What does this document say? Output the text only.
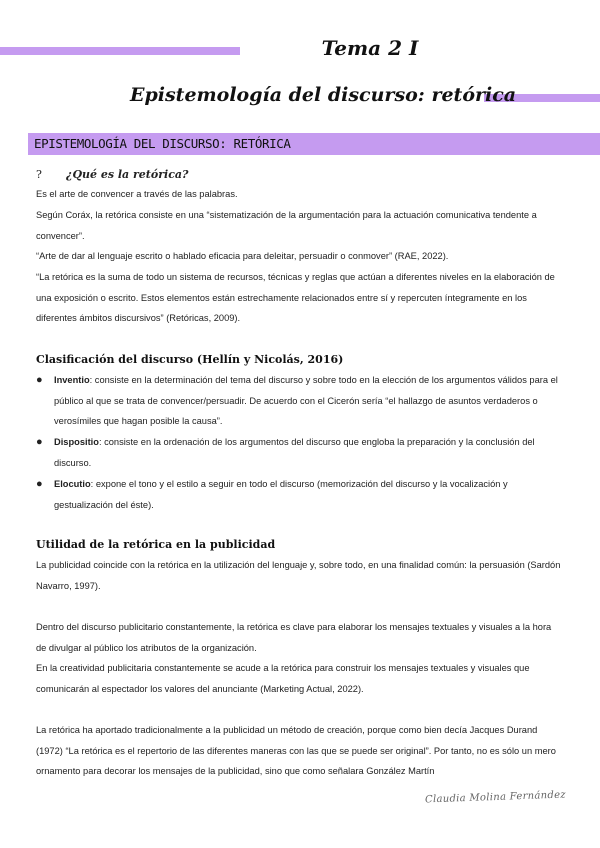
Tema 2 I
Epistemología del discurso: retórica
EPISTEMOLOGÍA DEL DISCURSO: RETÓRICA
? ¿Qué es la retórica?
Es el arte de convencer a través de las palabras.
Según Coráx, la retórica consiste en una “sistematización de la argumentación para la actuación comunicativa tendente a convencer”.
“Arte de dar al lenguaje escrito o hablado eficacia para deleitar, persuadir o conmover” (RAE, 2022).
“La retórica es la suma de todo un sistema de recursos, técnicas y reglas que actúan a diferentes niveles en la elaboración de una exposición o escrito. Estos elementos están estrechamente relacionados entre sí y repercuten íntegramente en los diferentes ámbitos discursivos” (Retóricas, 2009).
Clasificación del discurso (Hellín y Nicolás, 2016)
● Inventio: consiste en la determinación del tema del discurso y sobre todo en la elección de los argumentos válidos para el público al que se trata de convencer/persuadir. De acuerdo con el Cicerón sería “el hallazgo de asuntos verdaderos o verosímiles que hagan posible la causa”.
● Dispositio: consiste en la ordenación de los argumentos del discurso que engloba la preparación y la conclusión del discurso.
● Elocutio: expone el tono y el estilo a seguir en todo el discurso (memorización del discurso y la vocalización y gestualización del éste).
Utilidad de la retórica en la publicidad
La publicidad coincide con la retórica en la utilización del lenguaje y, sobre todo, en una finalidad común: la persuasión (Sardón Navarro, 1997).
Dentro del discurso publicitario constantemente, la retórica es clave para elaborar los mensajes textuales y visuales a la hora de divulgar al público los atributos de la organización.
En la creatividad publicitaria constantemente se acude a la retórica para construir los mensajes textuales y visuales que comunicarán al espectador los valores del anunciante (Marketing Actual, 2022).
La retórica ha aportado tradicionalmente a la publicidad un método de creación, porque como bien decía Jacques Durand (1972) “La retórica es el repertorio de las diferentes maneras con las que se puede ser original”. Por tanto, no es sólo un mero ornamento para decorar los mensajes de la publicidad, sino que como señalara González Martín
Claudia Molina Fernández
